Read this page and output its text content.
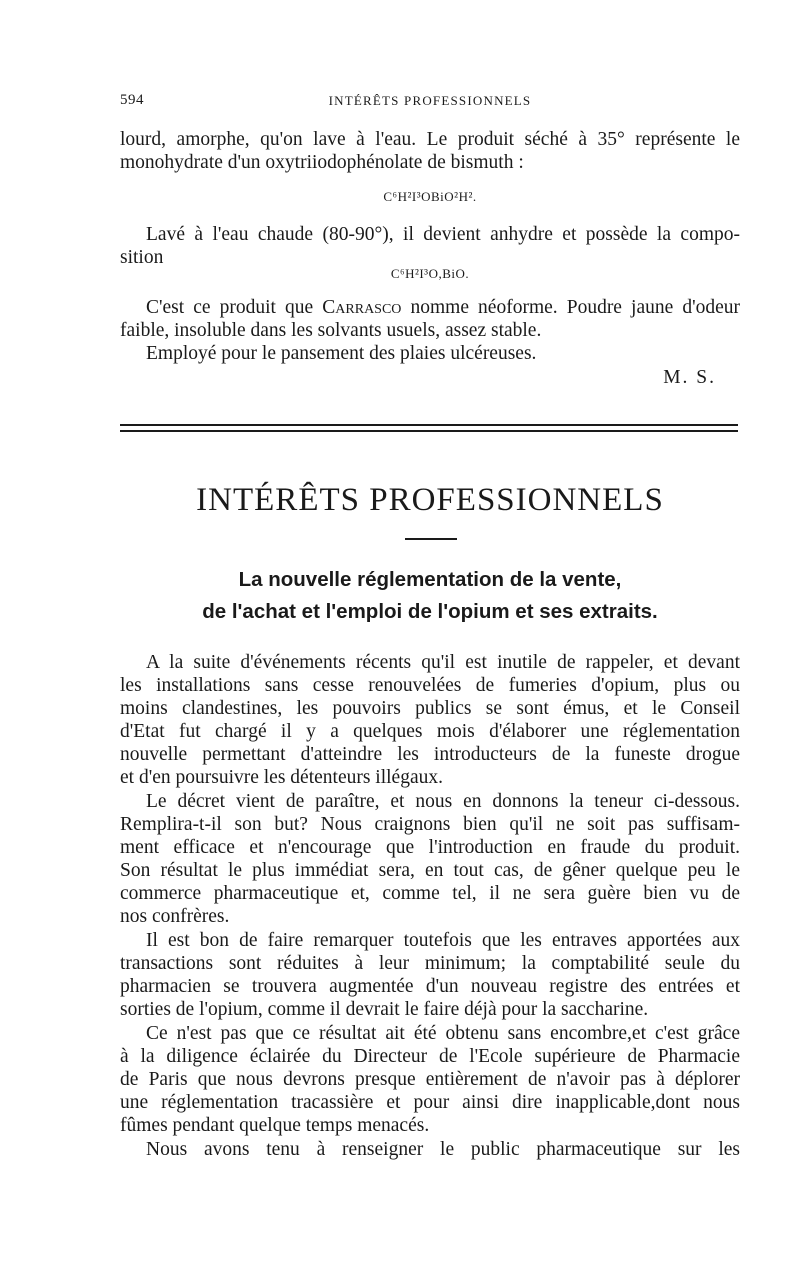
594	INTÉRÊTS PROFESSIONNELS
lourd, amorphe, qu'on lave à l'eau. Le produit séché à 35° représente le
monohydrate d'un oxytriiodophénolate de bismuth :
C⁶H²I³OBiO²H².
Lavé à l'eau chaude (80-90°), il devient anhydre et possède la compo-
sition
C⁶H²I³O,BiO.
C'est ce produit que Carrasco nomme néoforme. Poudre jaune d'odeur
faible, insoluble dans les solvants usuels, assez stable.
Employé pour le pansement des plaies ulcéreuses.
M. S.
INTÉRÊTS PROFESSIONNELS
La nouvelle réglementation de la vente,
de l'achat et l'emploi de l'opium et ses extraits.
A la suite d'événements récents qu'il est inutile de rappeler, et devant
les installations sans cesse renouvelées de fumeries d'opium, plus ou
moins clandestines, les pouvoirs publics se sont émus, et le Conseil
d'Etat fut chargé il y a quelques mois d'élaborer une réglementation
nouvelle permettant d'atteindre les introducteurs de la funeste drogue
et d'en poursuivre les détenteurs illégaux.
Le décret vient de paraître, et nous en donnons la teneur ci-dessous.
Remplira-t-il son but? Nous craignons bien qu'il ne soit pas suffisam-
ment efficace et n'encourage que l'introduction en fraude du produit.
Son résultat le plus immédiat sera, en tout cas, de gêner quelque peu le
commerce pharmaceutique et, comme tel, il ne sera guère bien vu de
nos confrères.
Il est bon de faire remarquer toutefois que les entraves apportées aux
transactions sont réduites à leur minimum; la comptabilité seule du
pharmacien se trouvera augmentée d'un nouveau registre des entrées et
sorties de l'opium, comme il devrait le faire déjà pour la saccharine.
Ce n'est pas que ce résultat ait été obtenu sans encombre,et c'est grâce
à la diligence éclairée du Directeur de l'Ecole supérieure de Pharmacie
de Paris que nous devrons presque entièrement de n'avoir pas à déplorer
une réglementation tracassière et pour ainsi dire inapplicable,dont nous
fûmes pendant quelque temps menacés.
Nous avons tenu à renseigner le public pharmaceutique sur les
